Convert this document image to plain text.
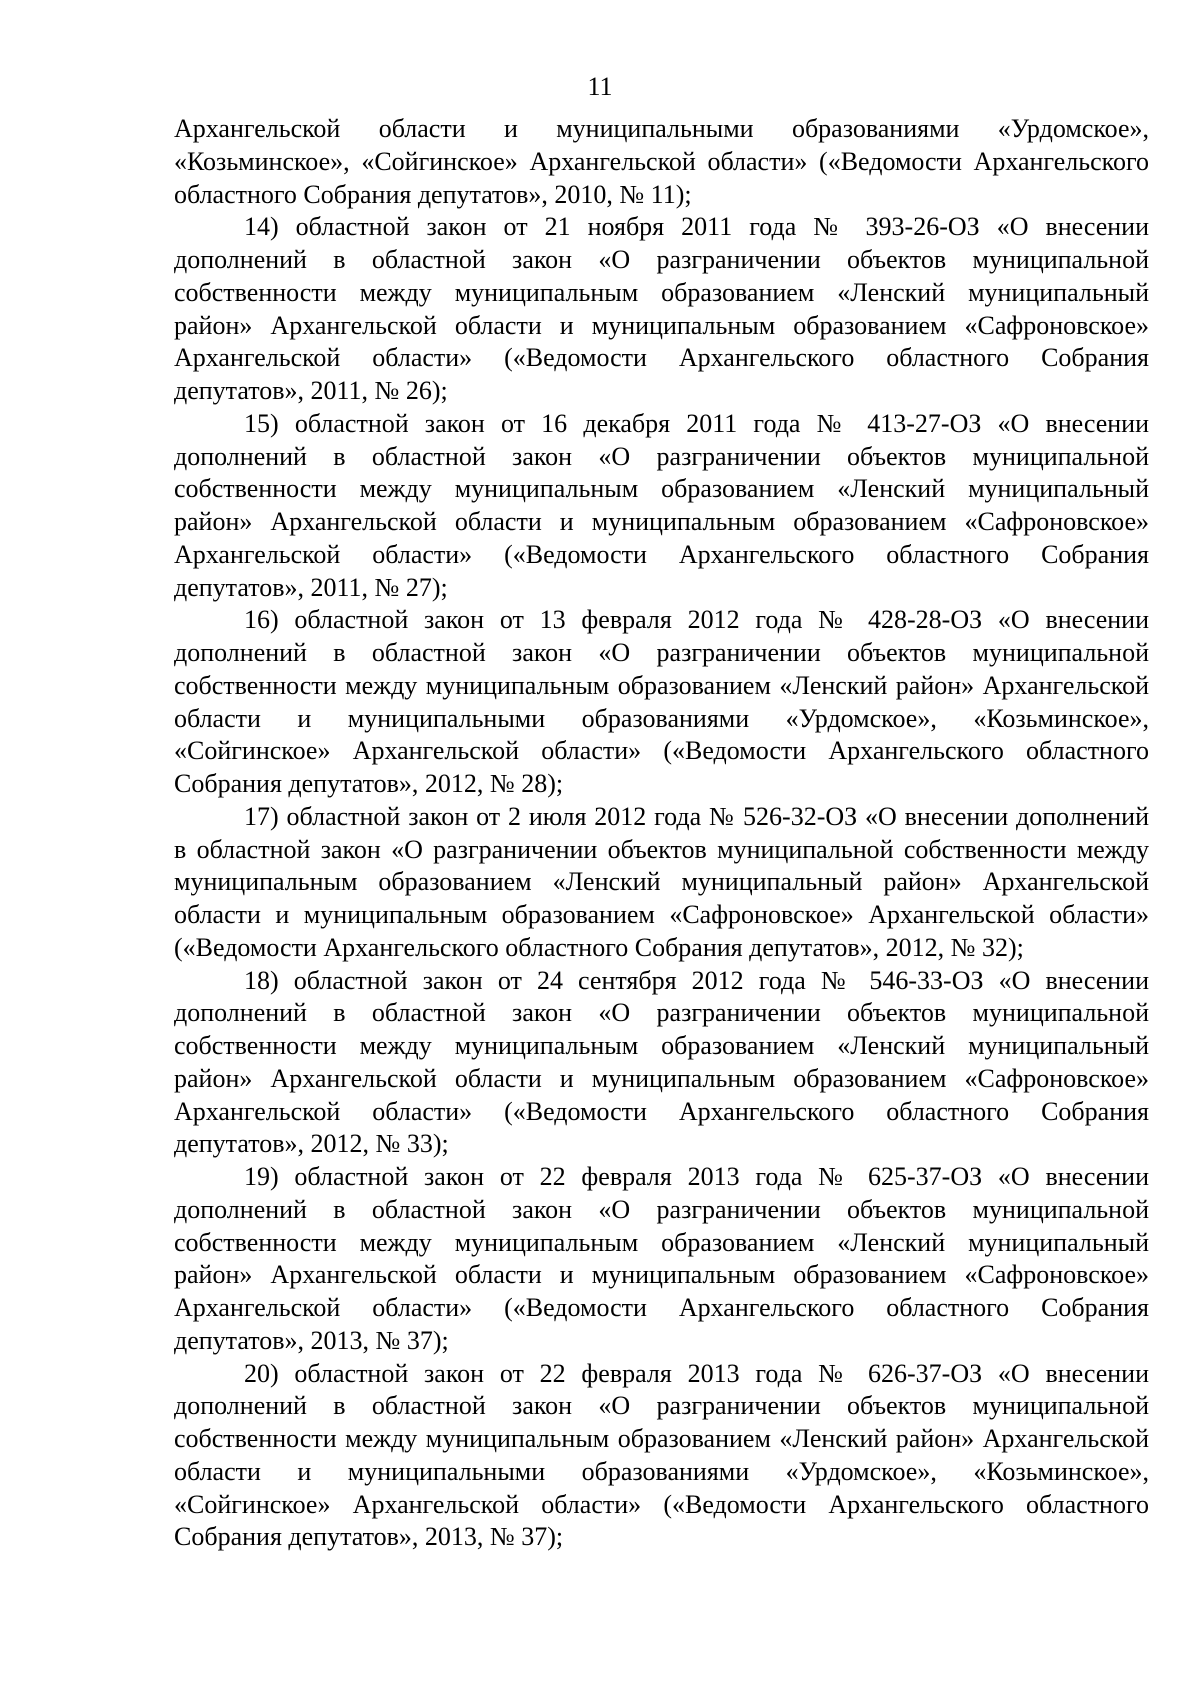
11

Архангельской области и муниципальными образованиями «Урдомское», «Козьминское», «Сойгинское» Архангельской области» («Ведомости Архангельского областного Собрания депутатов», 2010, № 11);

14) областной закон от 21 ноября 2011 года № 393-26-ОЗ «О внесении дополнений в областной закон «О разграничении объектов муниципальной собственности между муниципальным образованием «Ленский муниципальный район» Архангельской области и муниципальным образованием «Сафроновское» Архангельской области» («Ведомости Архангельского областного Собрания депутатов», 2011, № 26);

15) областной закон от 16 декабря 2011 года № 413-27-ОЗ «О внесении дополнений в областной закон «О разграничении объектов муниципальной собственности между муниципальным образованием «Ленский муниципальный район» Архангельской области и муниципальным образованием «Сафроновское» Архангельской области» («Ведомости Архангельского областного Собрания депутатов», 2011, № 27);

16) областной закон от 13 февраля 2012 года № 428-28-ОЗ «О внесении дополнений в областной закон «О разграничении объектов муниципальной собственности между муниципальным образованием «Ленский район» Архангельской области и муниципальными образованиями «Урдомское», «Козьминское», «Сойгинское» Архангельской области» («Ведомости Архангельского областного Собрания депутатов», 2012, № 28);

17) областной закон от 2 июля 2012 года № 526-32-ОЗ «О внесении дополнений в областной закон «О разграничении объектов муниципальной собственности между муниципальным образованием «Ленский муниципальный район» Архангельской области и муниципальным образованием «Сафроновское» Архангельской области» («Ведомости Архангельского областного Собрания депутатов», 2012, № 32);

18) областной закон от 24 сентября 2012 года № 546-33-ОЗ «О внесении дополнений в областной закон «О разграничении объектов муниципальной собственности между муниципальным образованием «Ленский муниципальный район» Архангельской области и муниципальным образованием «Сафроновское» Архангельской области» («Ведомости Архангельского областного Собрания депутатов», 2012, № 33);

19) областной закон от 22 февраля 2013 года № 625-37-ОЗ «О внесении дополнений в областной закон «О разграничении объектов муниципальной собственности между муниципальным образованием «Ленский муниципальный район» Архангельской области и муниципальным образованием «Сафроновское» Архангельской области» («Ведомости Архангельского областного Собрания депутатов», 2013, № 37);

20) областной закон от 22 февраля 2013 года № 626-37-ОЗ «О внесении дополнений в областной закон «О разграничении объектов муниципальной собственности между муниципальным образованием «Ленский район» Архангельской области и муниципальными образованиями «Урдомское», «Козьминское», «Сойгинское» Архангельской области» («Ведомости Архангельского областного Собрания депутатов», 2013, № 37);
